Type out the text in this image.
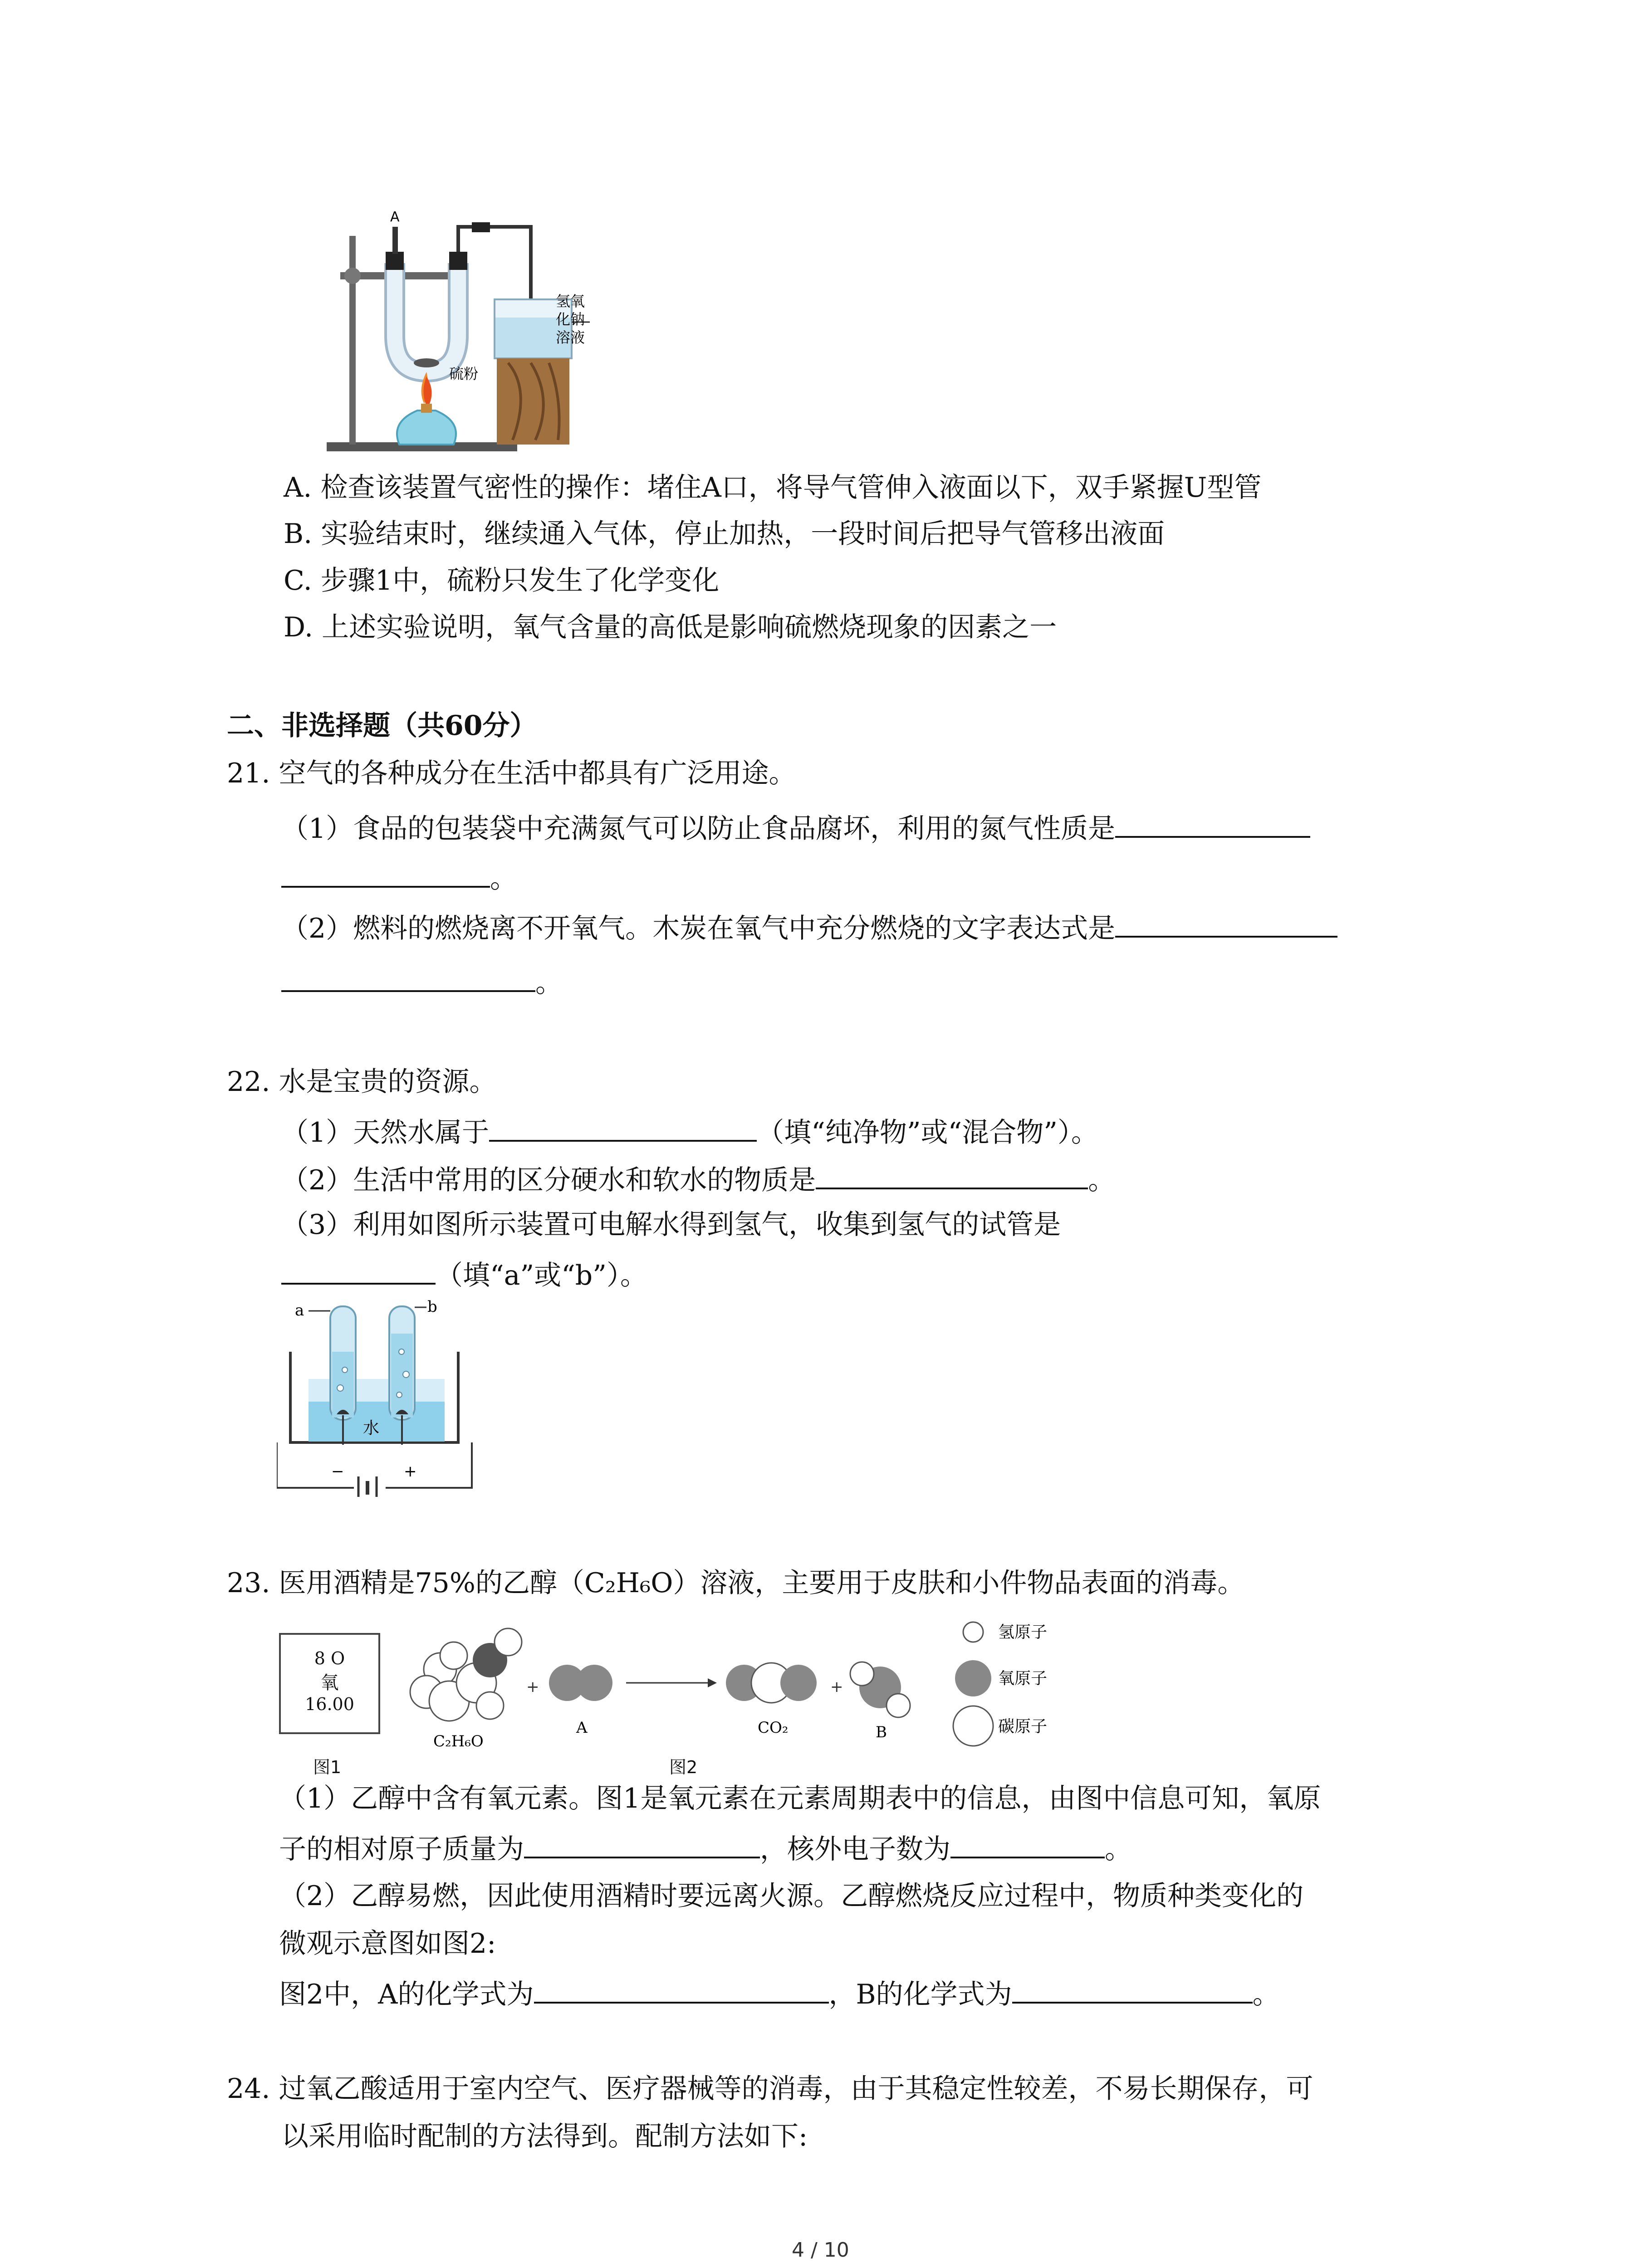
A
硫粉
氢氧
化钠
溶液
A. 检查该装置气密性的操作：堵住A口，将导气管伸入液面以下，双手紧握U型管
B. 实验结束时，继续通入气体，停止加热，一段时间后把导气管移出液面
C. 步骤1中，硫粉只发生了化学变化
D. 上述实验说明，氧气含量的高低是影响硫燃烧现象的因素之一
二、非选择题（共60分）
21. 空气的各种成分在生活中都具有广泛用途。
（1）食品的包装袋中充满氮气可以防止食品腐坏，利用的氮气性质是
。
（2）燃料的燃烧离不开氧气。木炭在氧气中充分燃烧的文字表达式是
。
22. 水是宝贵的资源。
（1）天然水属于	（填“纯净物”或“混合物”）。
（2）生活中常用的区分硬水和软水的物质是	。
（3）利用如图所示装置可电解水得到氢气，收集到氢气的试管是
（填“a”或“b”）。
a	b
水
−	+
23. 医用酒精是75%的乙醇（C₂H₆O）溶液，主要用于皮肤和小件物品表面的消毒。
8 O
氧
16.00
图1
C₂H₆O
+
A	CO₂
+
B
氢原子
氧原子
碳原子
图2
（1）乙醇中含有氧元素。图1是氧元素在元素周期表中的信息，由图中信息可知，氧原
子的相对原子质量为	，核外电子数为	。
（2）乙醇易燃，因此使用酒精时要远离火源。乙醇燃烧反应过程中，物质种类变化的
微观示意图如图2:
图2中，A的化学式为	，B的化学式为	。
24. 过氧乙酸适用于室内空气、医疗器械等的消毒，由于其稳定性较差，不易长期保存，可
以采用临时配制的方法得到。配制方法如下:
4 / 10
